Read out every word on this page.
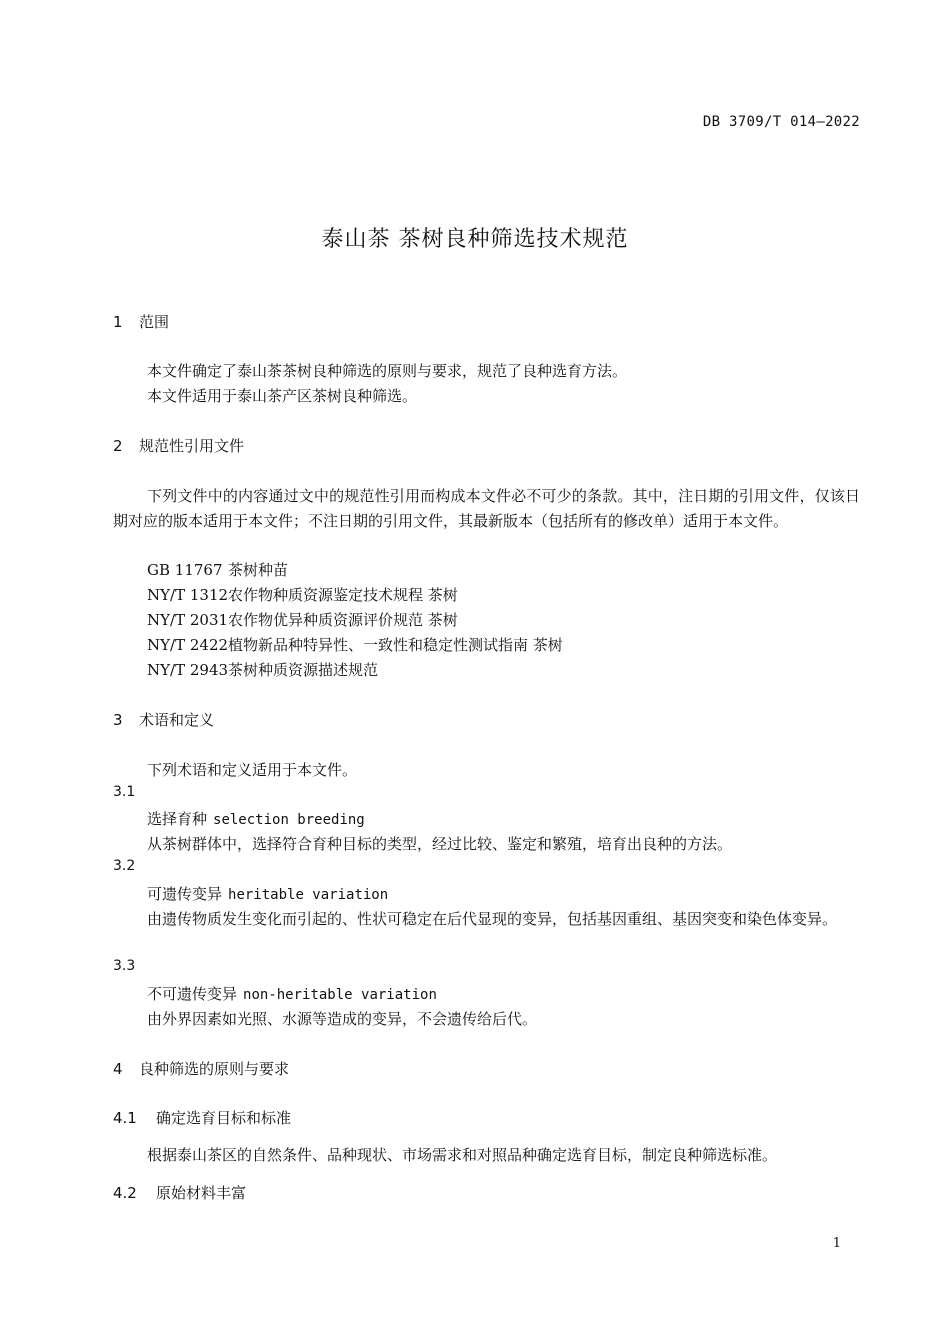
DB 3709/T 014—2022
泰山茶 茶树良种筛选技术规范
1 范围
本文件确定了泰山茶茶树良种筛选的原则与要求，规范了良种选育方法。
本文件适用于泰山茶产区茶树良种筛选。
2 规范性引用文件
下列文件中的内容通过文中的规范性引用而构成本文件必不可少的条款。其中，注日期的引用文件，仅该日期对应的版本适用于本文件；不注日期的引用文件，其最新版本（包括所有的修改单）适用于本文件。
GB 11767 茶树种苗
NY/T 1312农作物种质资源鉴定技术规程 茶树
NY/T 2031农作物优异种质资源评价规范 茶树
NY/T 2422植物新品种特异性、一致性和稳定性测试指南 茶树
NY/T 2943茶树种质资源描述规范
3 术语和定义
下列术语和定义适用于本文件。
3.1
选择育种 selection breeding
从茶树群体中，选择符合育种目标的类型，经过比较、鉴定和繁殖，培育出良种的方法。
3.2
可遗传变异 heritable variation
由遗传物质发生变化而引起的、性状可稳定在后代显现的变异，包括基因重组、基因突变和染色体变异。
3.3
不可遗传变异 non-heritable variation
由外界因素如光照、水源等造成的变异，不会遗传给后代。
4 良种筛选的原则与要求
4.1 确定选育目标和标准
根据泰山茶区的自然条件、品种现状、市场需求和对照品种确定选育目标，制定良种筛选标准。
4.2 原始材料丰富
1
